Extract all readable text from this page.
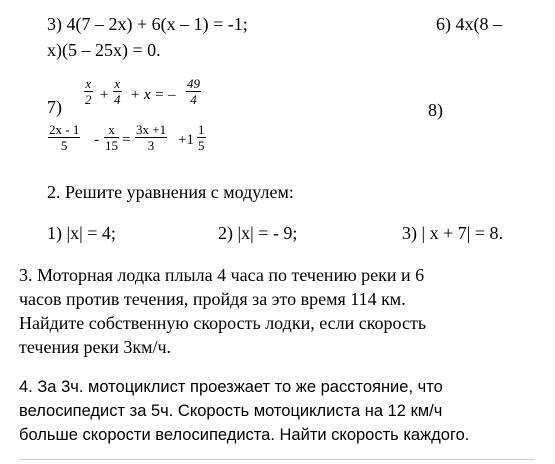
3) 4(7 – 2x) + 6(x – 1) = -1;	6) 4x(8 –
x)(5 – 25x) = 0.
7)
x
2 +
x
4 + x = –
49
4
8)
2x - 1
5 -
x
15 =
3x +1
3 +1
1
5
2. Решите уравнения с модулем:
1) |x| = 4;	2) |x| = - 9;	3) | x + 7| = 8.
3. Моторная лодка плыла 4 часа по течению реки и 6
часов против течения, пройдя за это время 114 км.
Найдите собственную скорость лодки, если скорость
течения реки 3км/ч.
4. За 3ч. мотоциклист проезжает то же расстояние, что
велосипедист за 5ч. Скорость мотоциклиста на 12 км/ч
больше скорости велосипедиста. Найти скорость каждого.
